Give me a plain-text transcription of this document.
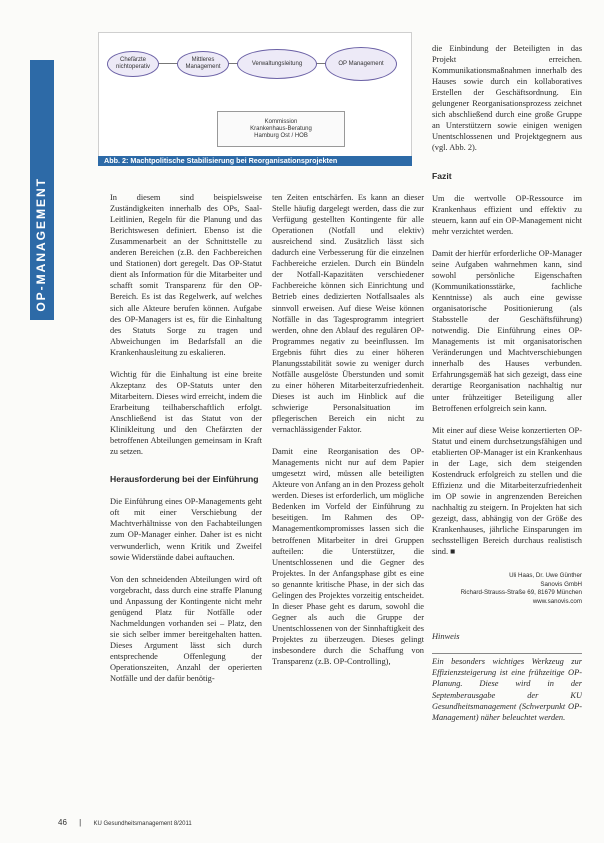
OP-MANAGEMENT
Chefärzte nichtoperativ
Mittleres Management
Verwaltungsleitung	OP Management
Kommission
Krankenhaus-Beratung
Hamburg Ost / HOB
Abb. 2: Machtpolitische Stabilisierung bei Reorganisationsprojekten

In diesem sind beispielsweise Zuständigkeiten innerhalb des OPs, Saal-Leitlinien, Regeln für die Planung und das Berichtswesen definiert. Ebenso ist die Zusammenarbeit an der Schnittstelle zu anderen Bereichen (z.B. den Fachbereichen und Stationen) dort geregelt. Das OP-Statut dient als Information für die Mitarbeiter und schafft somit Transparenz für den OP-Bereich. Es ist das Regelwerk, auf welches sich alle Akteure berufen können. Aufgabe des OP-Managers ist es, für die Einhaltung des Statuts Sorge zu tragen und Abweichungen im Bedarfsfall an die Krankenhausleitung zu eskalieren.

Wichtig für die Einhaltung ist eine breite Akzeptanz des OP-Statuts unter den Mitarbeitern. Dieses wird erreicht, indem die Erarbeitung teilhaberschaftlich erfolgt. Anschließend ist das Statut von der Klinikleitung und den Chefärzten der betroffenen Abteilungen gemeinsam in Kraft zu setzen.

Herausforderung bei der Einführung

Die Einführung eines OP-Managements geht oft mit einer Verschiebung der Machtverhältnisse von den Fachabteilungen zum OP-Manager einher. Daher ist es nicht verwunderlich, wenn Kritik und Zweifel sowie Widerstände dabei auftauchen.

Von den schneidenden Abteilungen wird oft vorgebracht, dass durch eine straffe Planung und Anpassung der Kontingente nicht mehr genügend Platz für Notfälle oder Nachmeldungen vorhanden sei – Platz, den sie sich selber immer bereitgehalten hatten. Dieses Argument lässt sich durch entsprechende Offenlegung der Operationszeiten, Anzahl der operierten Notfälle und der dafür benötig-

ten Zeiten entschärfen. Es kann an dieser Stelle häufig dargelegt werden, dass die zur Verfügung gestellten Kontingente für alle Operationen (Notfall und elektiv) ausreichend sind. Zusätzlich lässt sich dadurch eine Verbesserung für die einzelnen Fachbereiche erzielen. Durch ein Bündeln der Notfall-Kapazitäten verschiedener Fachbereiche können sich Einrichtung und Betrieb eines dedizierten Notfallsaales als sinnvoll erweisen. Auf diese Weise können Notfälle in das Tagesprogramm integriert werden, ohne den Ablauf des regulären OP-Programmes negativ zu beeinflussen. Im Ergebnis führt dies zu einer höheren Planungsstabilität sowie zu weniger durch Notfälle ausgelöste Überstunden und somit zu einer höheren Mitarbeiterzufriedenheit. Dieses ist auch im Hinblick auf die schwierige Personalsituation im pflegerischen Bereich ein nicht zu vernachlässigender Faktor.

Damit eine Reorganisation des OP-Managements nicht nur auf dem Papier umgesetzt wird, müssen alle beteiligten Akteure von Anfang an in den Prozess geholt werden. Dieses ist erforderlich, um mögliche Bedenken im Vorfeld der Einführung zu beseitigen. Im Rahmen des OP-Managementkompromisses lassen sich die betroffenen Mitarbeiter in drei Gruppen aufteilen: die Unterstützer, die Unentschlossenen und die Gegner des Projektes. In der Anfangsphase gibt es eine so genannte kritische Phase, in der sich das Gelingen des Projektes vorzeitig entscheidet. In dieser Phase geht es darum, sowohl die Gegner als auch die Gruppe der Unentschlossenen von der Sinnhaftigkeit des Projektes zu überzeugen. Dieses gelingt insbesondere durch die Schaffung von Transparenz (z.B. OP-Controlling),

die Einbindung der Beteiligten in das Projekt erreichen. Kommunikationsmaßnahmen innerhalb des Hauses sowie durch ein kollaboratives Erstellen der Geschäftsordnung. Ein gelungener Reorganisationsprozess zeichnet sich abschließend durch eine große Gruppe an Unterstützern sowie einigen wenigen Unentschlossenen und Projektgegnern aus (vgl. Abb. 2).

Fazit

Um die wertvolle OP-Ressource im Krankenhaus effizient und effektiv zu steuern, kann auf ein OP-Management nicht mehr verzichtet werden.

Damit der hierfür erforderliche OP-Manager seine Aufgaben wahrnehmen kann, sind sowohl persönliche Eigenschaften (Kommunikationsstärke, fachliche Kenntnisse) als auch eine gewisse organisatorische Positionierung (als Stabsstelle der Geschäftsführung) notwendig. Die Einführung eines OP-Managements ist mit organisatorischen Veränderungen und Machtverschiebungen innerhalb des Hauses verbunden. Erfahrungsgemäß hat sich gezeigt, dass eine derartige Reorganisation nachhaltig nur unter frühzeitiger Beteiligung aller Betroffenen erfolgreich sein kann.

Mit einer auf diese Weise konzertierten OP-Statut und einem durchsetzungsfähigen und etablierten OP-Manager ist ein Krankenhaus in der Lage, sich dem steigenden Kostendruck erfolgreich zu stellen und die Effizienz und die Mitarbeiterzufriedenheit im OP sowie in angrenzenden Bereichen nachhaltig zu steigern. In Projekten hat sich gezeigt, dass, abhängig von der Größe des Krankenhauses, jährliche Einsparungen im sechsstelligen Bereich durchaus realistisch sind. ■

Uli Haas, Dr. Uwe Günther
Sanovis GmbH
Richard-Strauss-Straße 69, 81679 München
www.sanovis.com

Hinweis

Ein besonders wichtiges Werkzeug zur Effizienzsteigerung ist eine frühzeitige OP-Planung. Diese wird in der Septemberausgabe der KU Gesundheitsmanagement (Schwerpunkt OP-Management) näher beleuchtet werden.

46 | KU Gesundheitsmanagement 8/2011
